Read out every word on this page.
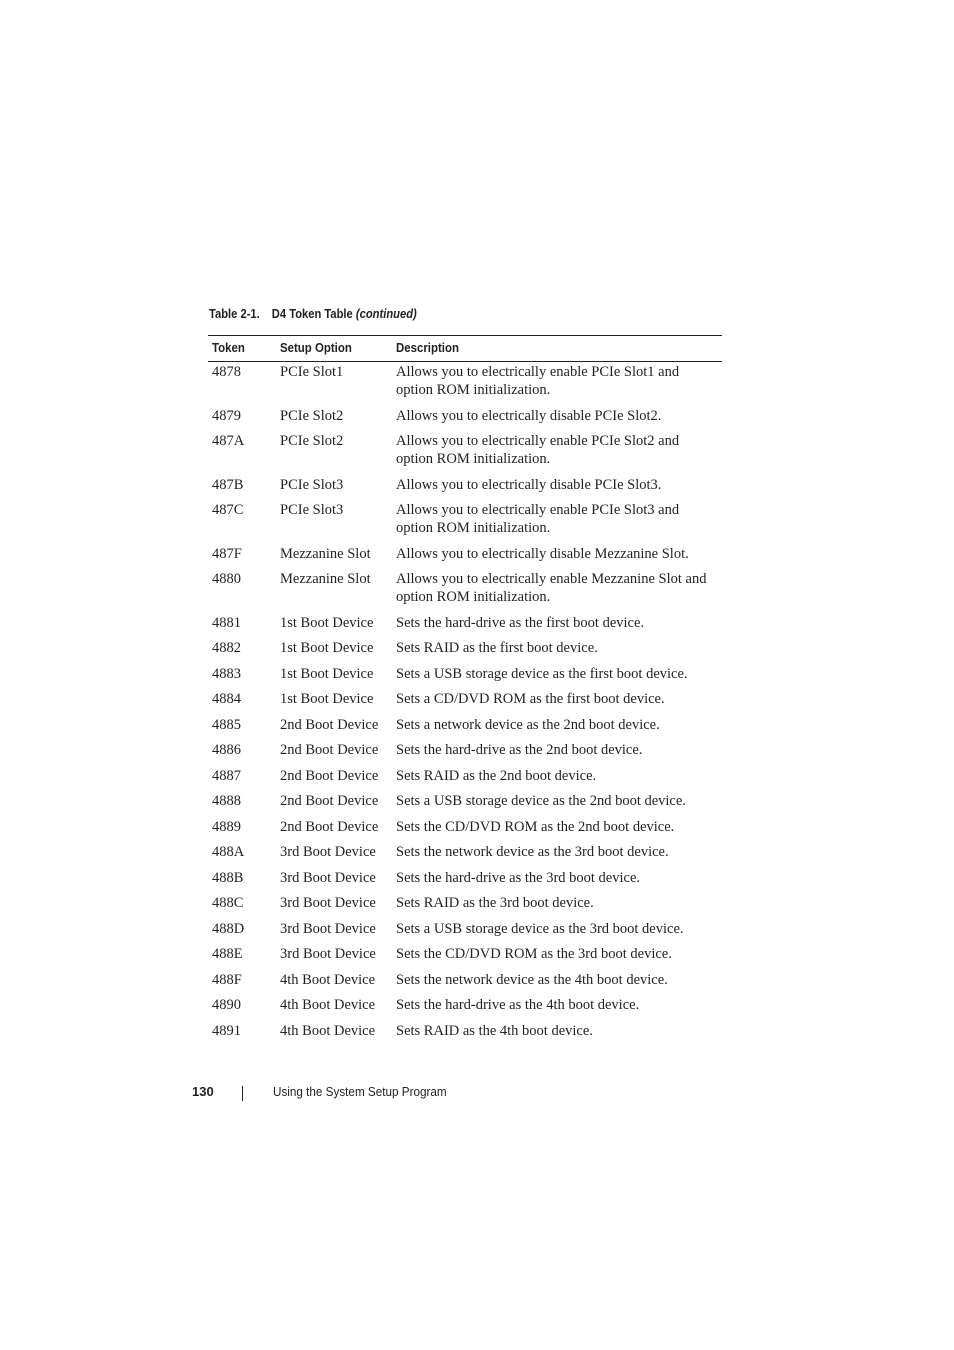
Table 2-1. D4 Token Table (continued)
Token	Setup Option	Description
4878	PCIe Slot1	Allows you to electrically enable PCIe Slot1 and option ROM initialization.
4879	PCIe Slot2	Allows you to electrically disable PCIe Slot2.
487A	PCIe Slot2	Allows you to electrically enable PCIe Slot2 and option ROM initialization.
487B	PCIe Slot3	Allows you to electrically disable PCIe Slot3.
487C	PCIe Slot3	Allows you to electrically enable PCIe Slot3 and option ROM initialization.
487F	Mezzanine Slot	Allows you to electrically disable Mezzanine Slot.
4880	Mezzanine Slot	Allows you to electrically enable Mezzanine Slot and option ROM initialization.
4881	1st Boot Device	Sets the hard-drive as the first boot device.
4882	1st Boot Device	Sets RAID as the first boot device.
4883	1st Boot Device	Sets a USB storage device as the first boot device.
4884	1st Boot Device	Sets a CD/DVD ROM as the first boot device.
4885	2nd Boot Device	Sets a network device as the 2nd boot device.
4886	2nd Boot Device	Sets the hard-drive as the 2nd boot device.
4887	2nd Boot Device	Sets RAID as the 2nd boot device.
4888	2nd Boot Device	Sets a USB storage device as the 2nd boot device.
4889	2nd Boot Device	Sets the CD/DVD ROM as the 2nd boot device.
488A	3rd Boot Device	Sets the network device as the 3rd boot device.
488B	3rd Boot Device	Sets the hard-drive as the 3rd boot device.
488C	3rd Boot Device	Sets RAID as the 3rd boot device.
488D	3rd Boot Device	Sets a USB storage device as the 3rd boot device.
488E	3rd Boot Device	Sets the CD/DVD ROM as the 3rd boot device.
488F	4th Boot Device	Sets the network device as the 4th boot device.
4890	4th Boot Device	Sets the hard-drive as the 4th boot device.
4891	4th Boot Device	Sets RAID as the 4th boot device.
130	Using the System Setup Program
